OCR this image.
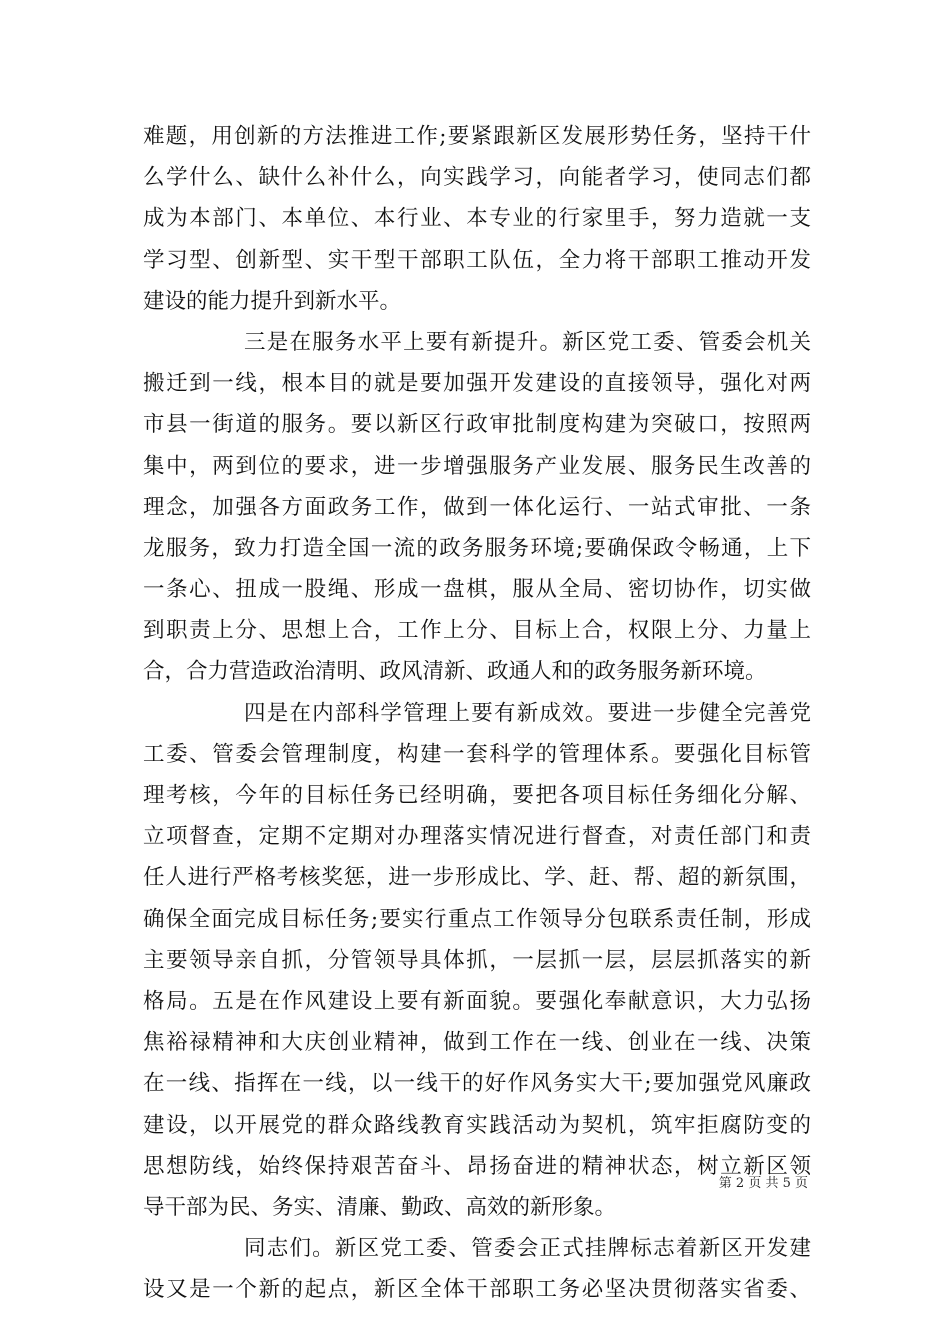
难题，用创新的方法推进工作;要紧跟新区发展形势任务，坚持干什
么学什么、缺什么补什么，向实践学习，向能者学习，使同志们都
成为本部门、本单位、本行业、本专业的行家里手，努力造就一支
学习型、创新型、实干型干部职工队伍，全力将干部职工推动开发
建设的能力提升到新水平。
三是在服务水平上要有新提升。新区党工委、管委会机关
搬迁到一线，根本目的就是要加强开发建设的直接领导，强化对两
市县一街道的服务。要以新区行政审批制度构建为突破口，按照两
集中，两到位的要求，进一步增强服务产业发展、服务民生改善的
理念，加强各方面政务工作，做到一体化运行、一站式审批、一条
龙服务，致力打造全国一流的政务服务环境;要确保政令畅通，上下
一条心、扭成一股绳、形成一盘棋，服从全局、密切协作，切实做
到职责上分、思想上合，工作上分、目标上合，权限上分、力量上
合，合力营造政治清明、政风清新、政通人和的政务服务新环境。
四是在内部科学管理上要有新成效。要进一步健全完善党
工委、管委会管理制度，构建一套科学的管理体系。要强化目标管
理考核，今年的目标任务已经明确，要把各项目标任务细化分解、
立项督查，定期不定期对办理落实情况进行督查，对责任部门和责
任人进行严格考核奖惩，进一步形成比、学、赶、帮、超的新氛围，
确保全面完成目标任务;要实行重点工作领导分包联系责任制，形成
主要领导亲自抓，分管领导具体抓，一层抓一层，层层抓落实的新
格局。五是在作风建设上要有新面貌。要强化奉献意识，大力弘扬
焦裕禄精神和大庆创业精神，做到工作在一线、创业在一线、决策
在一线、指挥在一线，以一线干的好作风务实大干;要加强党风廉政
建设，以开展党的群众路线教育实践活动为契机，筑牢拒腐防变的
思想防线，始终保持艰苦奋斗、昂扬奋进的精神状态，树立新区领
导干部为民、务实、清廉、勤政、高效的新形象。
同志们。新区党工委、管委会正式挂牌标志着新区开发建
设又是一个新的起点，新区全体干部职工务必坚决贯彻落实省委、
第 2 页 共 5 页
